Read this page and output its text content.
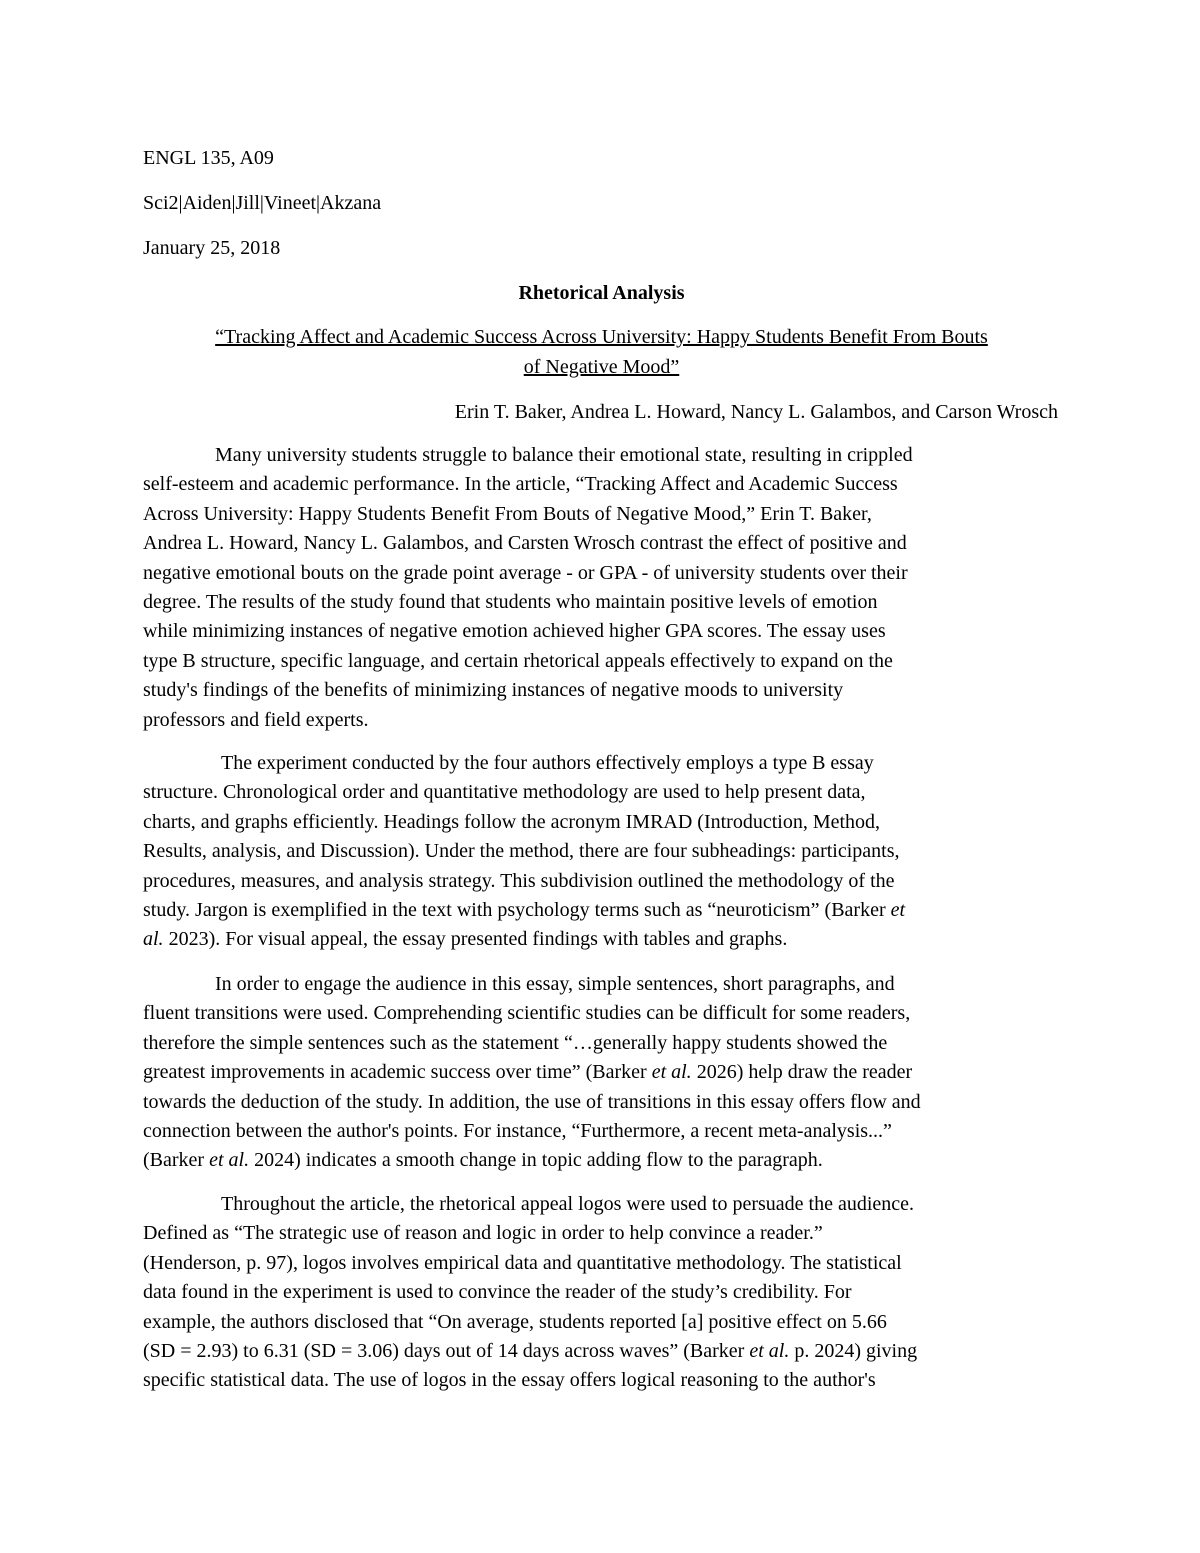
ENGL 135, A09
Sci2|Aiden|Jill|Vineet|Akzana
January 25, 2018
Rhetorical Analysis
“Tracking Affect and Academic Success Across University: Happy Students Benefit From Bouts
of Negative Mood”
Erin T. Baker, Andrea L. Howard, Nancy L. Galambos, and Carson Wrosch

Many university students struggle to balance their emotional state, resulting in crippled
self-esteem and academic performance. In the article, “Tracking Affect and Academic Success
Across University: Happy Students Benefit From Bouts of Negative Mood,” Erin T. Baker,
Andrea L. Howard, Nancy L. Galambos, and Carsten Wrosch contrast the effect of positive and
negative emotional bouts on the grade point average - or GPA - of university students over their
degree. The results of the study found that students who maintain positive levels of emotion
while minimizing instances of negative emotion achieved higher GPA scores. The essay uses
type B structure, specific language, and certain rhetorical appeals effectively to expand on the
study's findings of the benefits of minimizing instances of negative moods to university
professors and field experts.

The experiment conducted by the four authors effectively employs a type B essay
structure. Chronological order and quantitative methodology are used to help present data,
charts, and graphs efficiently. Headings follow the acronym IMRAD (Introduction, Method,
Results, analysis, and Discussion). Under the method, there are four subheadings: participants,
procedures, measures, and analysis strategy. This subdivision outlined the methodology of the
study. Jargon is exemplified in the text with psychology terms such as “neuroticism” (Barker et
al. 2023). For visual appeal, the essay presented findings with tables and graphs.

In order to engage the audience in this essay, simple sentences, short paragraphs, and
fluent transitions were used. Comprehending scientific studies can be difficult for some readers,
therefore the simple sentences such as the statement “…generally happy students showed the
greatest improvements in academic success over time” (Barker et al. 2026) help draw the reader
towards the deduction of the study. In addition, the use of transitions in this essay offers flow and
connection between the author's points. For instance, “Furthermore, a recent meta-analysis...”
(Barker et al. 2024) indicates a smooth change in topic adding flow to the paragraph.

Throughout the article, the rhetorical appeal logos were used to persuade the audience.
Defined as “The strategic use of reason and logic in order to help convince a reader.”
(Henderson, p. 97), logos involves empirical data and quantitative methodology. The statistical
data found in the experiment is used to convince the reader of the study’s credibility. For
example, the authors disclosed that “On average, students reported [a] positive effect on 5.66
(SD = 2.93) to 6.31 (SD = 3.06) days out of 14 days across waves” (Barker et al. p. 2024) giving
specific statistical data. The use of logos in the essay offers logical reasoning to the author's
